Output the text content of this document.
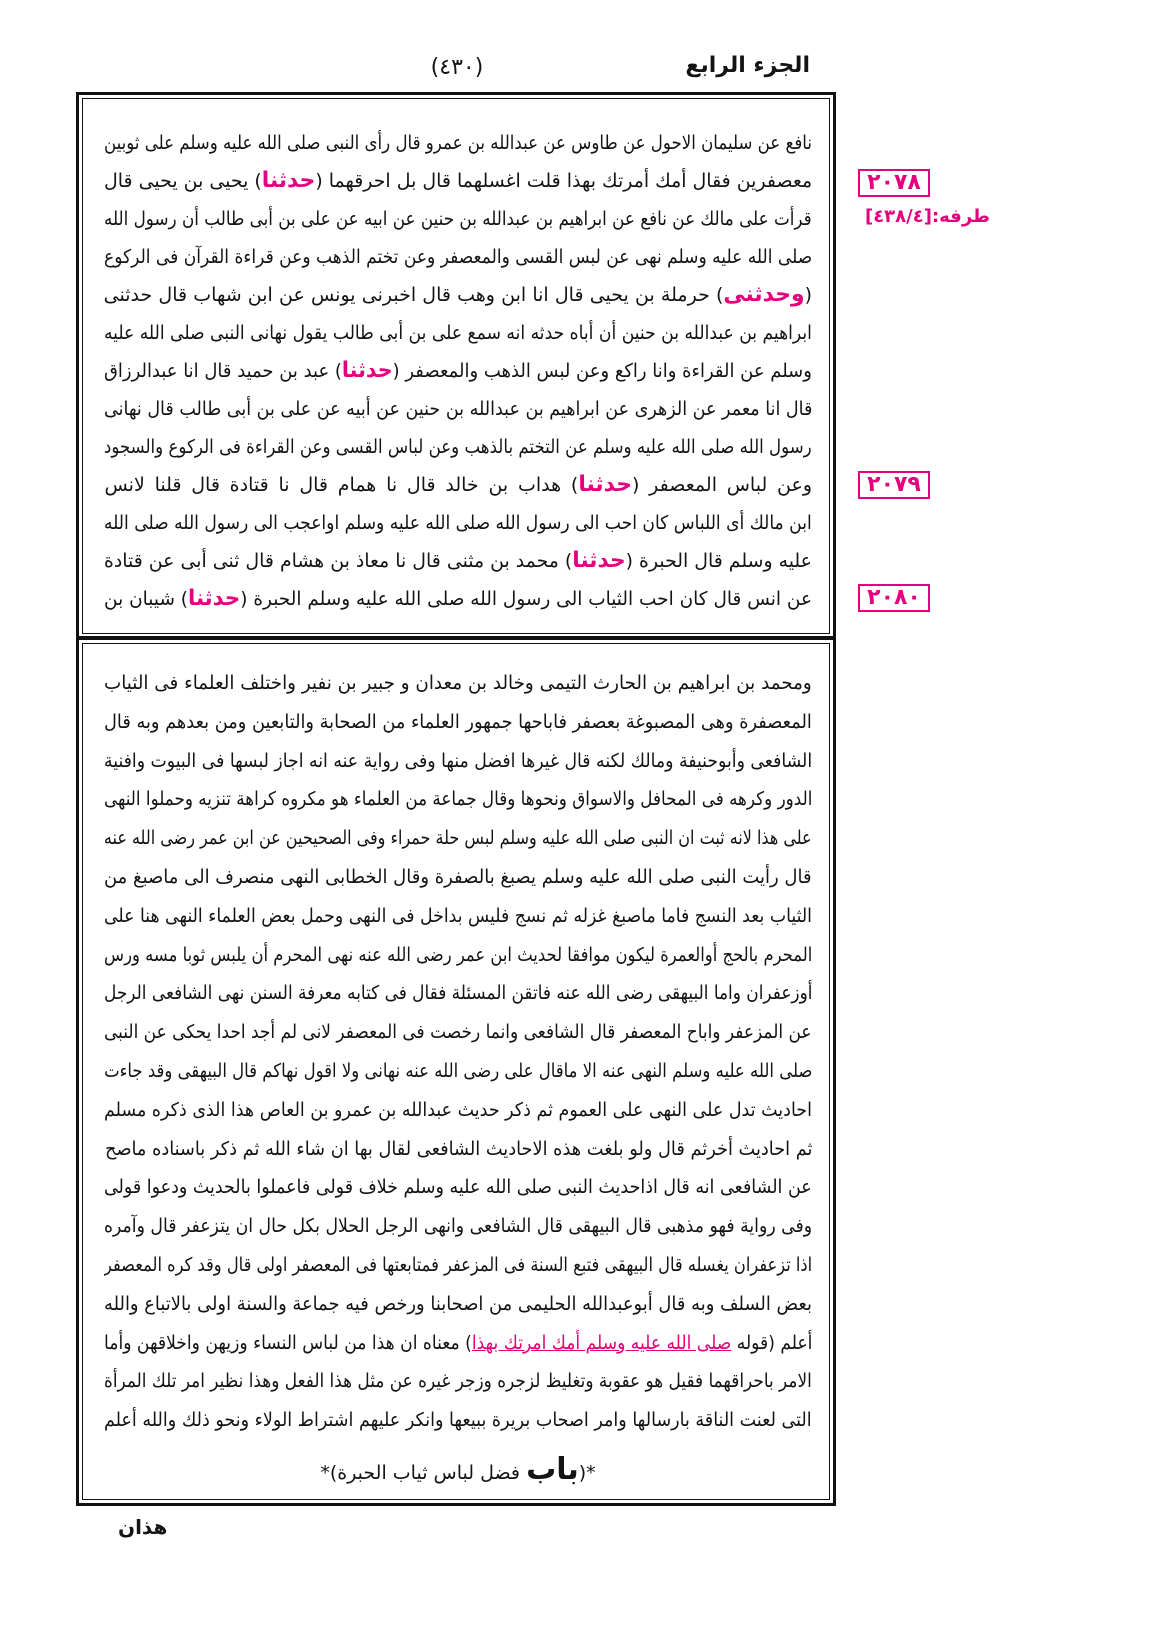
الجزء الرابع
(٤٣٠)
نافع عن سليمان الاحول عن طاوس عن عبدالله بن عمرو قال رأى النبى صلى الله عليه وسلم على ثوبين
معصفرين فقال أمك أمرتك بهذا قلت اغسلهما قال بل احرقهما (حدثنا) يحيى بن يحيى قال
قرأت على مالك عن نافع عن ابراهيم بن عبدالله بن حنين عن ابيه عن على بن أبى طالب أن رسول الله
صلى الله عليه وسلم نهى عن لبس القسى والمعصفر وعن تختم الذهب وعن قراءة القرآن فى الركوع
(وحدثنى) حرملة بن يحيى قال انا ابن وهب قال اخبرنى يونس عن ابن شهاب قال حدثنى
ابراهيم بن عبدالله بن حنين أن أباه حدثه انه سمع على بن أبى طالب يقول نهانى النبى صلى الله عليه
وسلم عن القراءة وانا راكع وعن لبس الذهب والمعصفر (حدثنا) عبد بن حميد قال انا عبدالرزاق
قال انا معمر عن الزهرى عن ابراهيم بن عبدالله بن حنين عن أبيه عن على بن أبى طالب قال نهانى
رسول الله صلى الله عليه وسلم عن التختم بالذهب وعن لباس القسى وعن القراءة فى الركوع والسجود
وعن لباس المعصفر (حدثنا) هداب بن خالد قال نا همام قال نا قتادة قال قلنا لانس
ابن مالك أى اللباس كان احب الى رسول الله صلى الله عليه وسلم اواعجب الى رسول الله صلى الله
عليه وسلم قال الحبرة (حدثنا) محمد بن مثنى قال نا معاذ بن هشام قال ثنى أبى عن قتادة
عن انس قال كان احب الثياب الى رسول الله صلى الله عليه وسلم الحبرة (حدثنا) شيبان بن
٢٠٧٨
طرفه:[٤٣٨/٤]
٢٠٧٩
٢٠٨٠
ومحمد بن ابراهيم بن الحارث التيمى وخالد بن معدان و جبير بن نفير واختلف العلماء فى الثياب
المعصفرة وهى المصبوغة بعصفر فاباحها جمهور العلماء من الصحابة والتابعين ومن بعدهم وبه قال
الشافعى وأبوحنيفة ومالك لكنه قال غيرها افضل منها وفى رواية عنه انه اجاز لبسها فى البيوت وافنية
الدور وكرهه فى المحافل والاسواق ونحوها وقال جماعة من العلماء هو مكروه كراهة تنزيه وحملوا النهى
على هذا لانه ثبت ان النبى صلى الله عليه وسلم لبس حلة حمراء وفى الصحيحين عن ابن عمر رضى الله عنه
قال رأيت النبى صلى الله عليه وسلم يصبغ بالصفرة وقال الخطابى النهى منصرف الى ماصبغ من
الثياب بعد النسج فاما ماصبغ غزله ثم نسج فليس بداخل فى النهى وحمل بعض العلماء النهى هنا على
المحرم بالحج أوالعمرة ليكون موافقا لحديث ابن عمر رضى الله عنه نهى المحرم أن يلبس ثوبا مسه ورس
أوزعفران واما البيهقى رضى الله عنه فاتقن المسئلة فقال فى كتابه معرفة السنن نهى الشافعى الرجل
عن المزعفر واباح المعصفر قال الشافعى وانما رخصت فى المعصفر لانى لم أجد احدا يحكى عن النبى
صلى الله عليه وسلم النهى عنه الا ماقال على رضى الله عنه نهانى ولا اقول نهاكم قال البيهقى وقد جاءت
احاديث تدل على النهى على العموم ثم ذكر حديث عبدالله بن عمرو بن العاص هذا الذى ذكره مسلم
ثم احاديث أخرثم قال ولو بلغت هذه الاحاديث الشافعى لقال بها ان شاء الله ثم ذكر باسناده ماصح
عن الشافعى انه قال اذاحديث النبى صلى الله عليه وسلم خلاف قولى فاعملوا بالحديث ودعوا قولى
وفى رواية فهو مذهبى قال البيهقى قال الشافعى وانهى الرجل الحلال بكل حال ان يتزعفر قال وآمره
اذا تزعفران يغسله قال البيهقى فتبع السنة فى المزعفر فمتابعتها فى المعصفر اولى قال وقد كره المعصفر
بعض السلف وبه قال أبوعبدالله الحليمى من اصحابنا ورخص فيه جماعة والسنة اولى بالاتباع والله
أعلم (قوله صلى الله عليه وسلم أمك امرتك بهذا) معناه ان هذا من لباس النساء وزيهن واخلاقهن وأما
الامر باحراقهما فقيل هو عقوبة وتغليظ لزجره وزجر غيره عن مثل هذا الفعل وهذا نظير امر تلك المرأة
التى لعنت الناقة بارسالها وامر اصحاب بريرة ببيعها وانكر عليهم اشتراط الولاء ونحو ذلك والله أعلم
*(باب فضل لباس ثياب الحبرة)*
هذان
